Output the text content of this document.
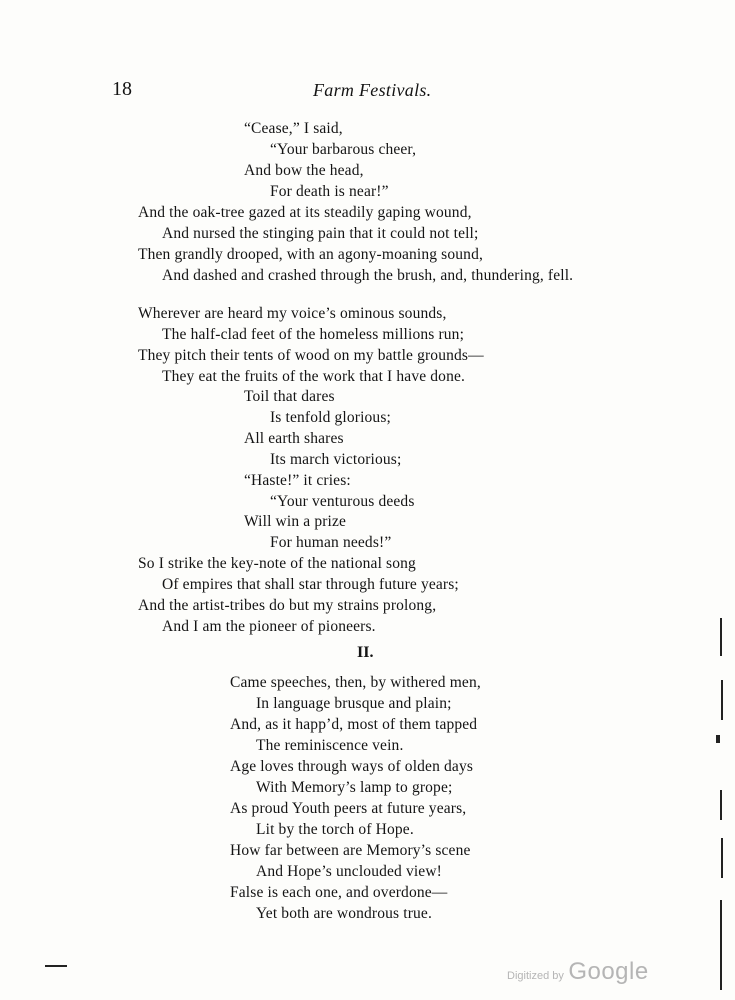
18	Farm Festivals.
“Cease,” I said,
“Your barbarous cheer,
And bow the head,
For death is near!”
And the oak-tree gazed at its steadily gaping wound,
And nursed the stinging pain that it could not tell;
Then grandly drooped, with an agony-moaning sound,
And dashed and crashed through the brush, and, thundering, fell.
Wherever are heard my voice’s ominous sounds,
The half-clad feet of the homeless millions run;
They pitch their tents of wood on my battle grounds—
They eat the fruits of the work that I have done.
Toil that dares
Is tenfold glorious;
All earth shares
Its march victorious;
“Haste!” it cries:
“Your venturous deeds
Will win a prize
For human needs!”
So I strike the key-note of the national song
Of empires that shall star through future years;
And the artist-tribes do but my strains prolong,
And I am the pioneer of pioneers.
II.
Came speeches, then, by withered men,
In language brusque and plain;
And, as it happ’d, most of them tapped
The reminiscence vein.
Age loves through ways of olden days
With Memory’s lamp to grope;
As proud Youth peers at future years,
Lit by the torch of Hope.
How far between are Memory’s scene
And Hope’s unclouded view!
False is each one, and overdone—
Yet both are wondrous true.
Digitized by Google
